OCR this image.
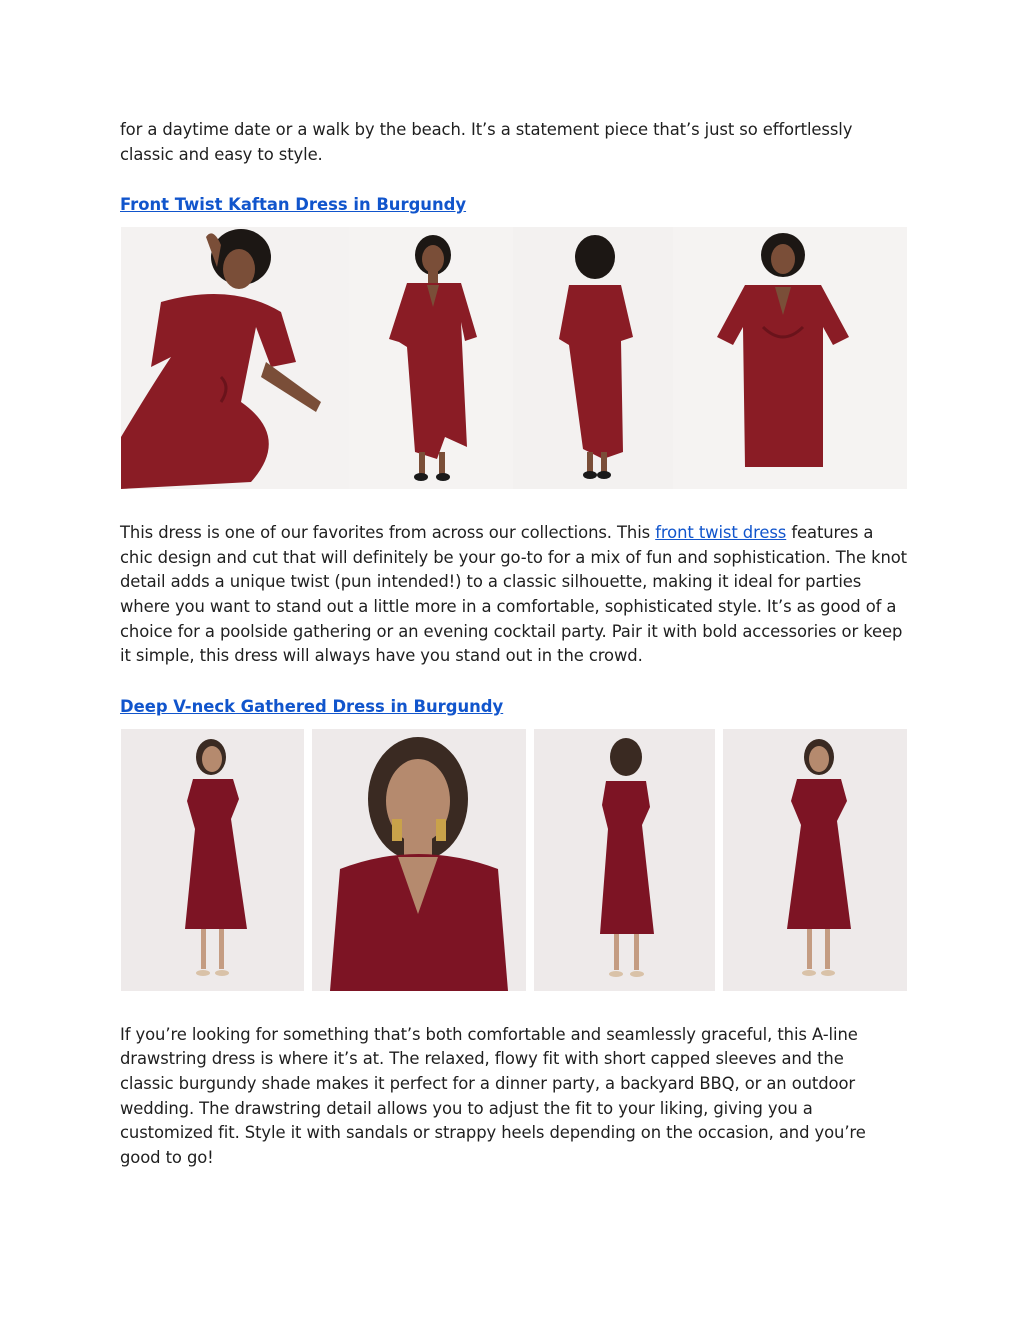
for a daytime date or a walk by the beach. It’s a statement piece that’s just so effortlessly classic and easy to style.

Front Twist Kaftan Dress in Burgundy

This dress is one of our favorites from across our collections. This front twist dress features a chic design and cut that will definitely be your go-to for a mix of fun and sophistication. The knot detail adds a unique twist (pun intended!) to a classic silhouette, making it ideal for parties where you want to stand out a little more in a comfortable, sophisticated style. It’s as good of a choice for a poolside gathering or an evening cocktail party. Pair it with bold accessories or keep it simple, this dress will always have you stand out in the crowd.

Deep V-neck Gathered Dress in Burgundy

If you’re looking for something that’s both comfortable and seamlessly graceful, this A-line drawstring dress is where it’s at. The relaxed, flowy fit with short capped sleeves and the classic burgundy shade makes it perfect for a dinner party, a backyard BBQ, or an outdoor wedding. The drawstring detail allows you to adjust the fit to your liking, giving you a customized fit. Style it with sandals or strappy heels depending on the occasion, and you’re good to go!
